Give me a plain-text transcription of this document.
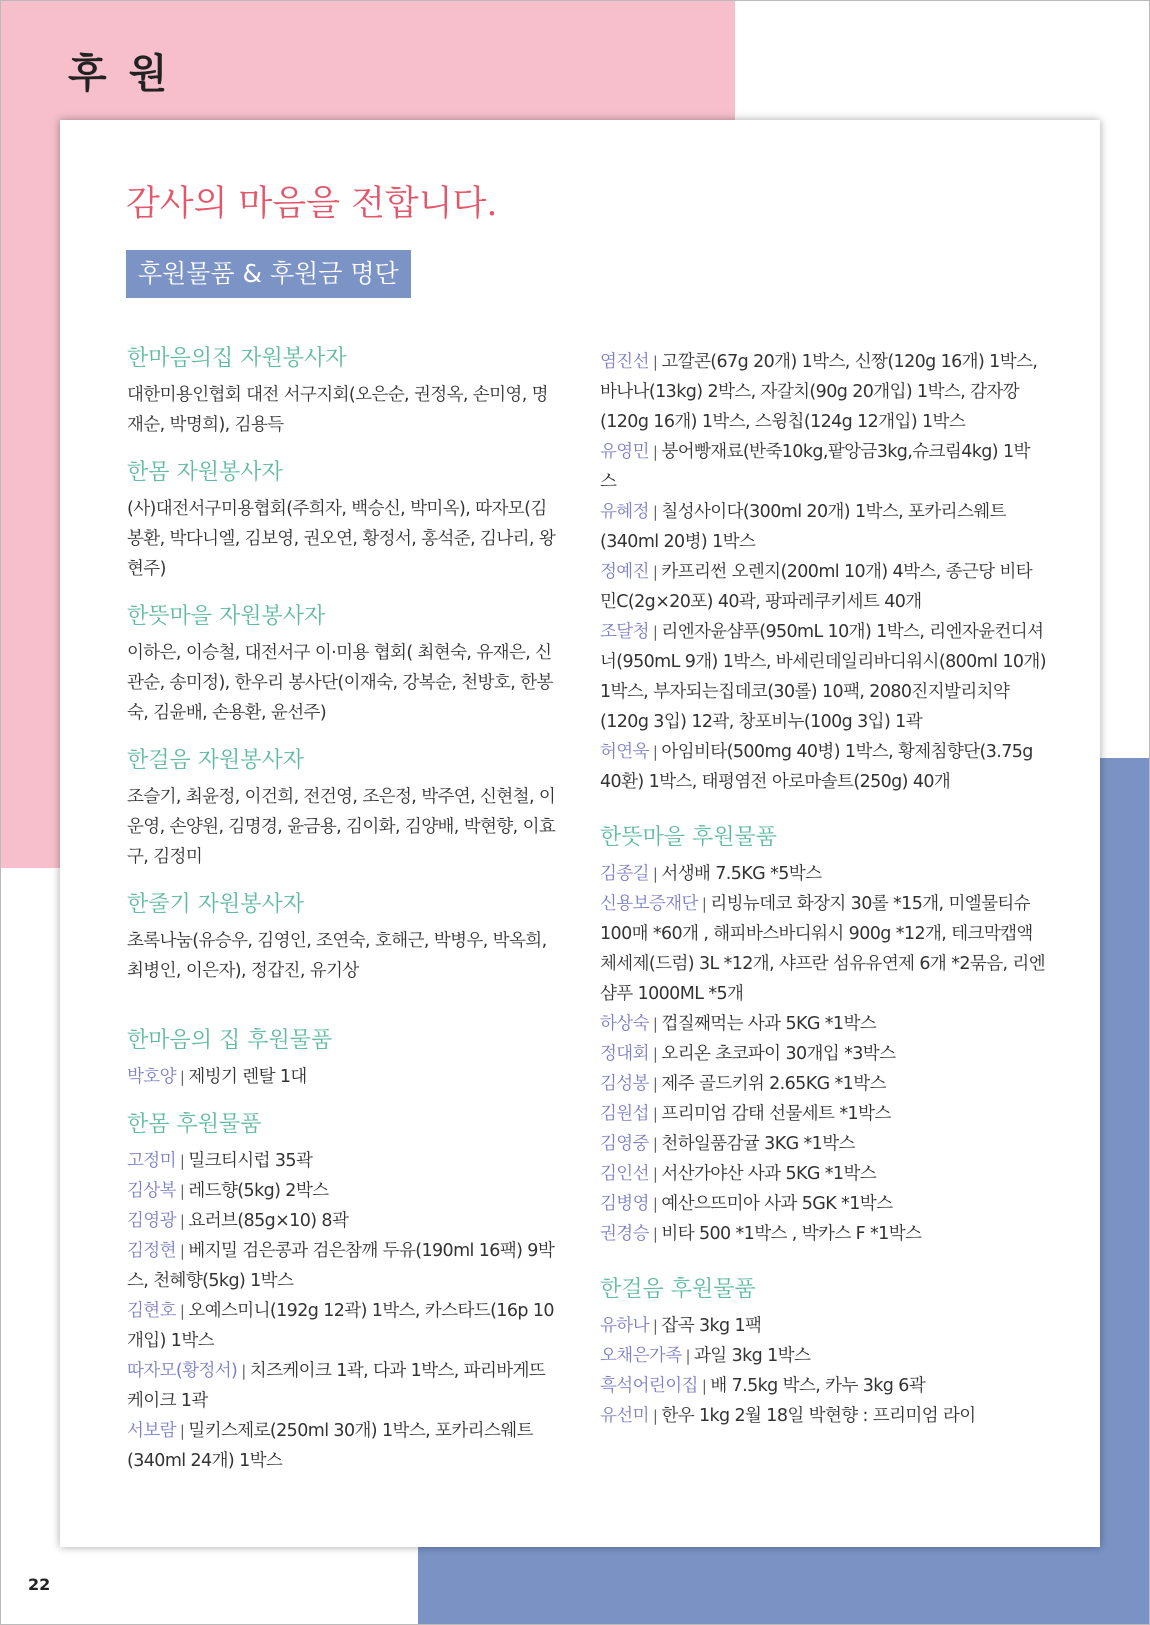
후 원
감사의 마음을 전합니다.
후원물품 & 후원금 명단
한마음의집 자원봉사자

대한미용인협회 대전 서구지회(오은순, 권정옥, 손미영, 명재순, 박명희), 김용득

한몸 자원봉사자

(사)대전서구미용협회(주희자, 백승신, 박미옥), 따자모(김봉환, 박다니엘, 김보영, 권오연, 황정서, 홍석준, 김나리, 왕현주)

한뜻마을 자원봉사자

이하은, 이승철, 대전서구 이·미용 협회( 최현숙, 유재은, 신관순, 송미정), 한우리 봉사단(이재숙, 강복순, 천방호, 한봉숙, 김윤배, 손용환, 윤선주)

한걸음 자원봉사자

조슬기, 최윤정, 이건희, 전건영, 조은정, 박주연, 신현철, 이운영, 손양원, 김명경, 윤금용, 김이화, 김양배, 박현향, 이효구, 김정미

한줄기 자원봉사자

초록나눔(유승우, 김영인, 조연숙, 호해근, 박병우, 박옥희, 최병인, 이은자), 정갑진, 유기상

한마음의 집 후원물품

박호양 | 제빙기 렌탈 1대

한몸 후원물품

고정미 | 밀크티시럽 35곽

김상복 | 레드향(5kg) 2박스

김영광 | 요러브(85g×10) 8곽

김정현 | 베지밀 검은콩과 검은참깨 두유(190ml 16팩) 9박스, 천혜향(5kg) 1박스

김현호 | 오예스미니(192g 12곽) 1박스, 카스타드(16p 10개입) 1박스

따자모(황정서) | 치즈케이크 1곽, 다과 1박스, 파리바게뜨 케이크 1곽

서보람 | 밀키스제로(250ml 30개) 1박스, 포카리스웨트(340ml 24개) 1박스

염진선 | 고깔콘(67g 20개) 1박스, 신짱(120g 16개) 1박스, 바나나(13kg) 2박스, 자갈치(90g 20개입) 1박스, 감자깡(120g 16개) 1박스, 스윙칩(124g 12개입) 1박스

유영민 | 붕어빵재료(반죽10kg,팥앙금3kg,슈크림4kg) 1박스

유혜정 | 칠성사이다(300ml 20개) 1박스, 포카리스웨트(340ml 20병) 1박스

정예진 | 카프리썬 오렌지(200ml 10개) 4박스, 종근당 비타민C(2g×20포) 40곽, 팡파레쿠키세트 40개

조달청 | 리엔자윤샴푸(950mL 10개) 1박스, 리엔자윤컨디셔너(950mL 9개) 1박스, 바세린데일리바디워시(800ml 10개) 1박스, 부자되는집데코(30롤) 10팩, 2080진지발리치약(120g 3입) 12곽, 창포비누(100g 3입) 1곽

허연욱 | 아임비타(500mg 40병) 1박스, 황제침향단(3.75g 40환) 1박스, 태평염전 아로마솔트(250g) 40개

한뜻마을 후원물품

김종길 | 서생배 7.5KG *5박스

신용보증재단 | 리빙뉴데코 화장지 30롤 *15개, 미엘물티슈 100매 *60개 , 해피바스바디워시 900g *12개, 테크막캡액체세제(드럼) 3L *12개, 샤프란 섬유유연제 6개 *2묶음, 리엔 샴푸 1000ML *5개

하상숙 | 껍질째먹는 사과 5KG *1박스

정대회 | 오리온 초코파이 30개입 *3박스

김성봉 | 제주 골드키위 2.65KG *1박스

김원섭 | 프리미엄 감태 선물세트 *1박스

김영중 | 천하일품감귤 3KG *1박스

김인선 | 서산가야산 사과 5KG *1박스

김병영 | 예산으뜨미아 사과 5GK *1박스

권경승 | 비타 500 *1박스 , 박카스 F *1박스

한걸음 후원물품

유하나 | 잡곡 3kg 1팩

오채은가족 | 과일 3kg 1박스

흑석어린이집 | 배 7.5kg 박스, 카누 3kg 6곽

유선미 | 한우 1kg 2월 18일 박현향 : 프리미엄 라이

22
